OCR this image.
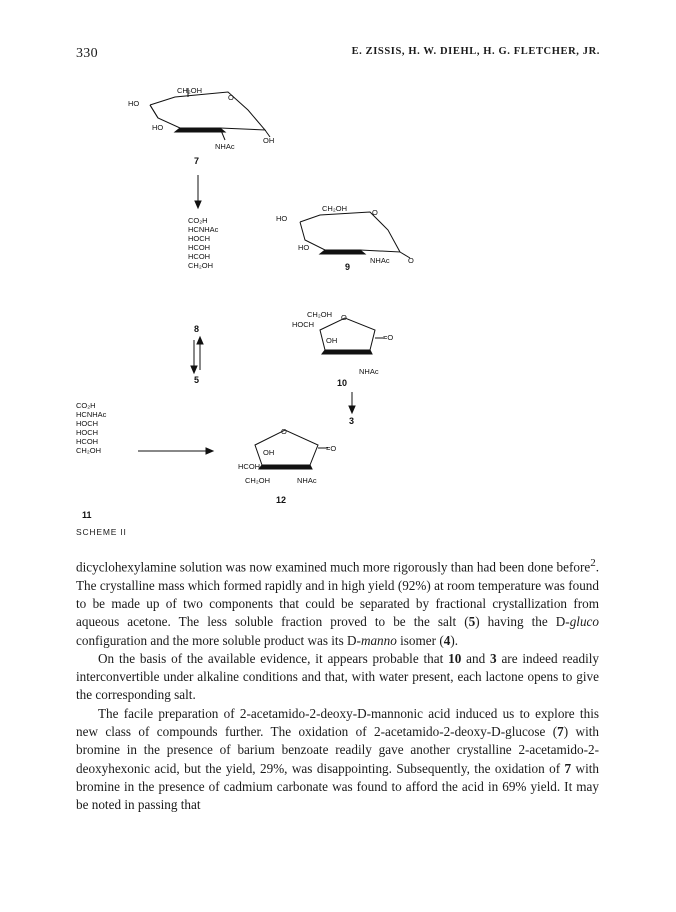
330	E. ZISSIS, H. W. DIEHL, H. G. FLETCHER, JR.
CH₂OH
HO
O
HO
NHAc
OH
7
CO₂H
HCNHAc
HOCH
HCOH
HCOH
CH₂OH
8
5
CH₂OH
HO
O
HO
NHAc O
9
CH₂OH
HOCH
O
OH	=O
NHAc
10
3
CO₂H
HCNHAc
HOCH
HOCH
HCOH
CH₂OH
11
O
OH	=O
HCOH
CH₂OH	NHAc
12
SCHEME II

dicyclohexylamine solution was now examined much more rigorously than had been done before$^2$. The crystalline mass which formed rapidly and in high yield (92%) at room temperature was found to be made up of two components that could be separated by fractional crystallization from aqueous acetone. The less soluble fraction proved to be the salt (5) having the D-gluco configuration and the more soluble product was its D-manno isomer (4).

On the basis of the available evidence, it appears probable that 10 and 3 are indeed readily interconvertible under alkaline conditions and that, with water present, each lactone opens to give the corresponding salt.

The facile preparation of 2-acetamido-2-deoxy-D-mannonic acid induced us to explore this new class of compounds further. The oxidation of 2-acetamido-2-deoxy-D-glucose (7) with bromine in the presence of barium benzoate readily gave another crystalline 2-acetamido-2-deoxyhexonic acid, but the yield, 29%, was disappointing. Subsequently, the oxidation of 7 with bromine in the presence of cadmium carbonate was found to afford the acid in 69% yield. It may be noted in passing that
